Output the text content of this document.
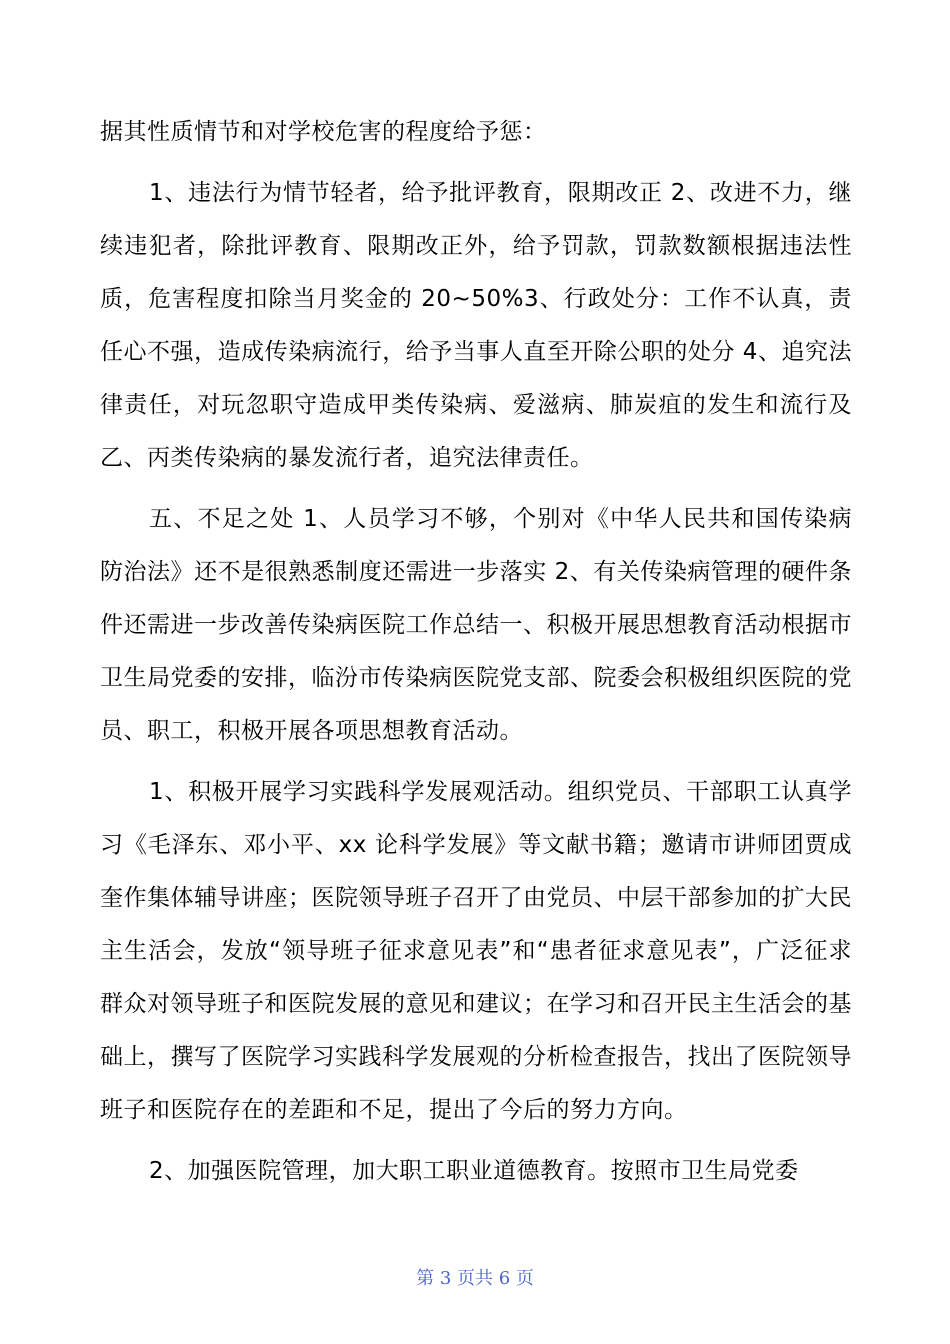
据其性质情节和对学校危害的程度给予惩：

1、违法行为情节轻者，给予批评教育，限期改正 2、改进不力，继续违犯者，除批评教育、限期改正外，给予罚款，罚款数额根据违法性质，危害程度扣除当月奖金的 20~50%3、行政处分：工作不认真，责任心不强，造成传染病流行，给予当事人直至开除公职的处分 4、追究法律责任，对玩忽职守造成甲类传染病、爱滋病、肺炭疽的发生和流行及乙、丙类传染病的暴发流行者，追究法律责任。

五、不足之处 1、人员学习不够，个别对《中华人民共和国传染病防治法》还不是很熟悉制度还需进一步落实 2、有关传染病管理的硬件条件还需进一步改善传染病医院工作总结一、积极开展思想教育活动根据市卫生局党委的安排，临汾市传染病医院党支部、院委会积极组织医院的党员、职工，积极开展各项思想教育活动。

1、积极开展学习实践科学发展观活动。组织党员、干部职工认真学习《毛泽东、邓小平、xx 论科学发展》等文献书籍；邀请市讲师团贾成奎作集体辅导讲座；医院领导班子召开了由党员、中层干部参加的扩大民主生活会，发放“领导班子征求意见表”和“患者征求意见表”，广泛征求群众对领导班子和医院发展的意见和建议；在学习和召开民主生活会的基础上，撰写了医院学习实践科学发展观的分析检查报告，找出了医院领导班子和医院存在的差距和不足，提出了今后的努力方向。

2、加强医院管理，加大职工职业道德教育。按照市卫生局党委

第 3 页共 6 页
